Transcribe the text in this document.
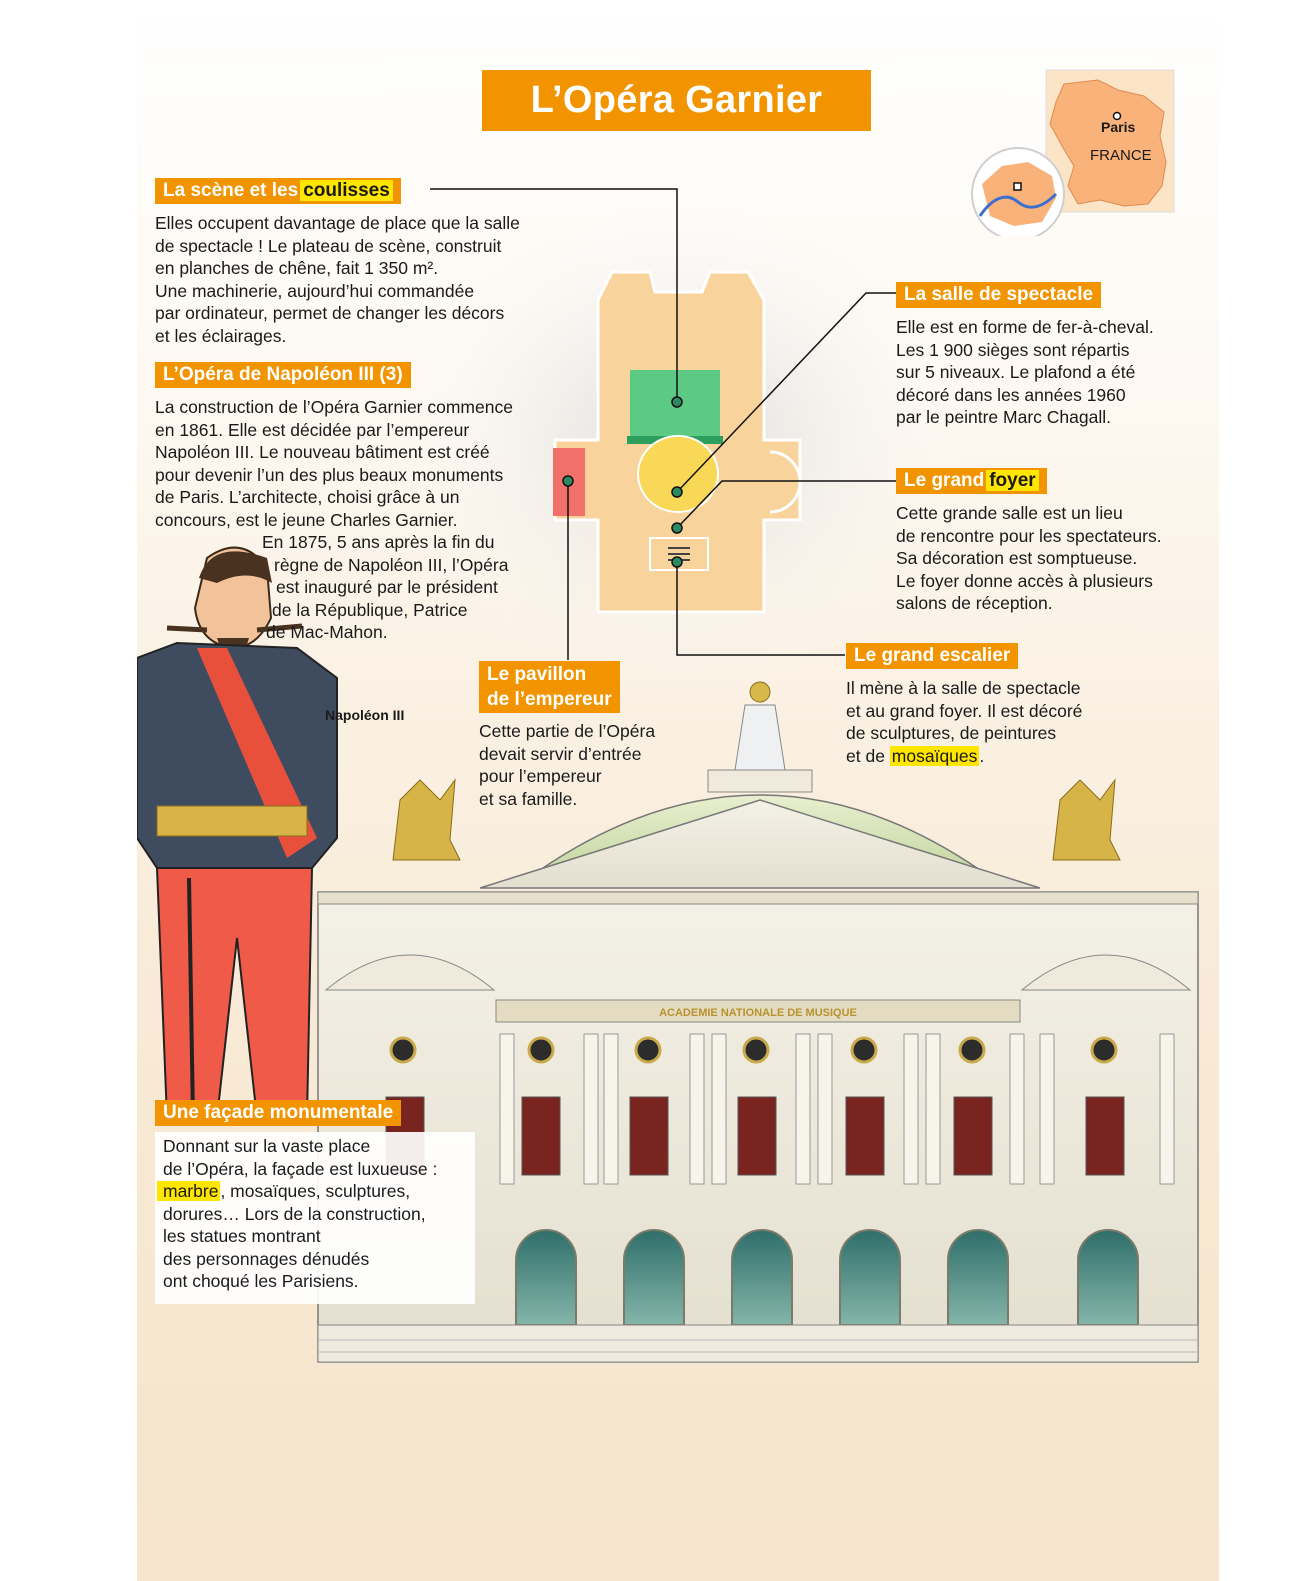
L’Opéra Garnier
Paris
FRANCE
ACADEMIE NATIONALE DE MUSIQUE
Napoléon III
La scène et les coulisses

Elles occupent davantage de place que la salle

de spectacle ! Le plateau de scène, construit

en planches de chêne, fait 1 350 m².

Une machinerie, aujourd’hui commandée

par ordinateur, permet de changer les décors

et les éclairages.

L’Opéra de Napoléon III (3)

La construction de l’Opéra Garnier commence

en 1861. Elle est décidée par l’empereur

Napoléon III. Le nouveau bâtiment est créé

pour devenir l’un des plus beaux monuments

de Paris. L’architecte, choisi grâce à un

concours, est le jeune Charles Garnier.

En 1875, 5 ans après la fin du

règne de Napoléon III, l’Opéra

est inauguré par le président

de la République, Patrice

de Mac-Mahon.

La salle de spectacle

Elle est en forme de fer-à-cheval.

Les 1 900 sièges sont répartis

sur 5 niveaux. Le plafond a été

décoré dans les années 1960

par le peintre Marc Chagall.

Le grand foyer

Cette grande salle est un lieu

de rencontre pour les spectateurs.

Sa décoration est somptueuse.

Le foyer donne accès à plusieurs

salons de réception.

Le grand escalier

Il mène à la salle de spectacle

et au grand foyer. Il est décoré

de sculptures, de peintures

et de mosaïques .

Le pavillon
de l’empereur

Cette partie de l’Opéra

devait servir d’entrée

pour l’empereur

et sa famille.

Une façade monumentale

Donnant sur la vaste place

de l’Opéra, la façade est luxueuse :

marbre , mosaïques, sculptures,

dorures… Lors de la construction,

les statues montrant

des personnages dénudés

ont choqué les Parisiens.
